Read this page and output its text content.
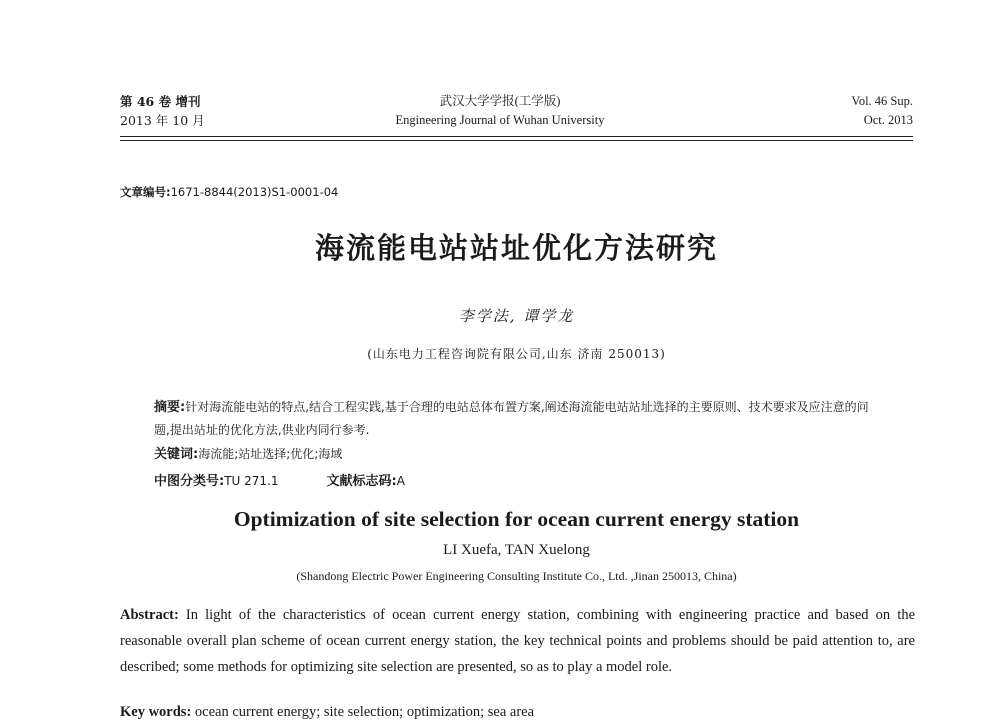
第 46 卷 增刊
2013 年 10 月
武汉大学学报(工学版)
Engineering Journal of Wuhan University
Vol. 46 Sup.
Oct. 2013
文章编号:1671-8844(2013)S1-0001-04
海流能电站站址优化方法研究
李学法, 谭学龙
(山东电力工程咨询院有限公司,山东 济南 250013)
摘要:针对海流能电站的特点,结合工程实践,基于合理的电站总体布置方案,阐述海流能电站站址选择的主要原则、技术要求及应注意的问题,提出站址的优化方法,供业内同行参考.
关键词:海流能;站址选择;优化;海域
中图分类号:TU 271.1	文献标志码:A
Optimization of site selection for ocean current energy station
LI Xuefa, TAN Xuelong
(Shandong Electric Power Engineering Consulting Institute Co., Ltd. ,Jinan 250013, China)
Abstract: In light of the characteristics of ocean current energy station, combining with engineering practice and based on the reasonable overall plan scheme of ocean current energy station, the key technical points and problems should be paid attention to, are described; some methods for optimizing site selection are presented, so as to play a model role.
Key words: ocean current energy; site selection; optimization; sea area
